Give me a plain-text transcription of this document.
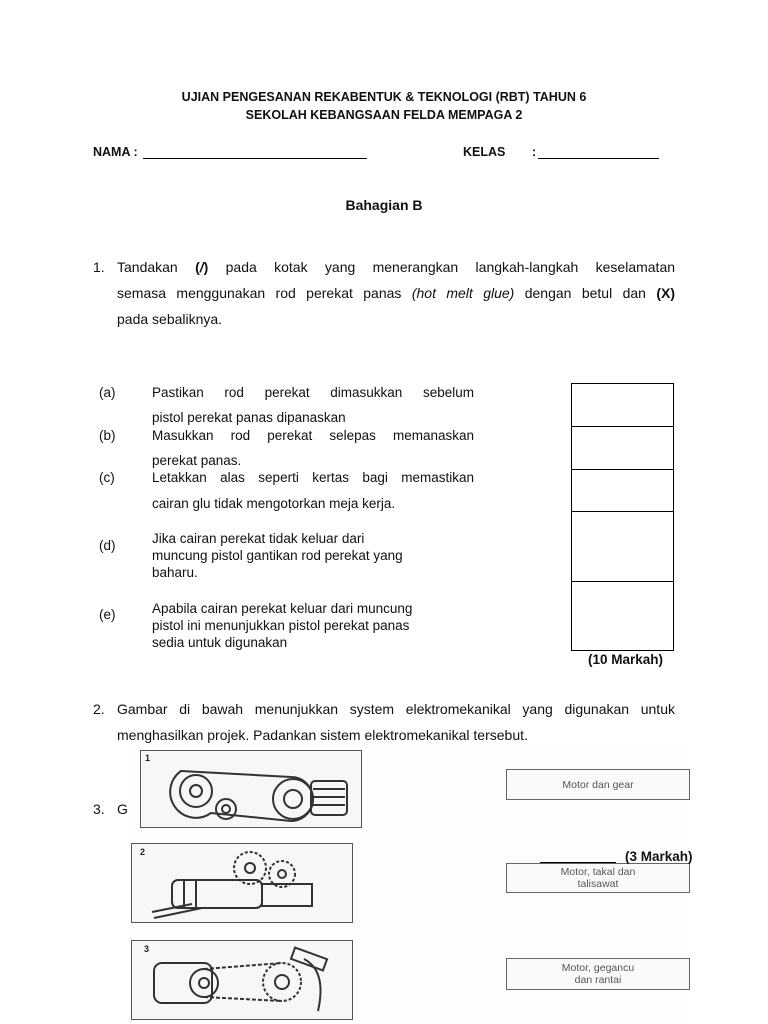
UJIAN PENGESANAN REKABENTUK & TEKNOLOGI (RBT) TAHUN 6
SEKOLAH KEBANGSAAN FELDA MEMPAGA 2
NAMA :	KELAS :
Bahagian B
1. Tandakan (/) pada kotak yang menerangkan langkah-langkah keselamatan
semasa menggunakan rod perekat panas (hot melt glue) dengan betul dan (X)
pada sebaliknya.
(a)	Pastikan rod perekat dimasukkan sebelum
pistol perekat panas dipanaskan
(b)	Masukkan rod perekat selepas memanaskan
perekat panas.
(c)	Letakkan alas seperti kertas bagi memastikan
cairan glu tidak mengotorkan meja kerja.
(d)	Jika cairan perekat tidak keluar dari
muncung pistol gantikan rod perekat yang
baharu.
(e)	Apabila cairan perekat keluar dari muncung
pistol ini menunjukkan pistol perekat panas
sedia untuk digunakan
(10 Markah)
2. Gambar di bawah menunjukkan system elektromekanikal yang digunakan untuk
menghasilkan projek. Padankan sistem elektromekanikal tersebut.
3. G
1
2
3
Motor dan gear
Motor, takal dan
talisawat
Motor, gegancu
dan rantai
(3 Markah)
